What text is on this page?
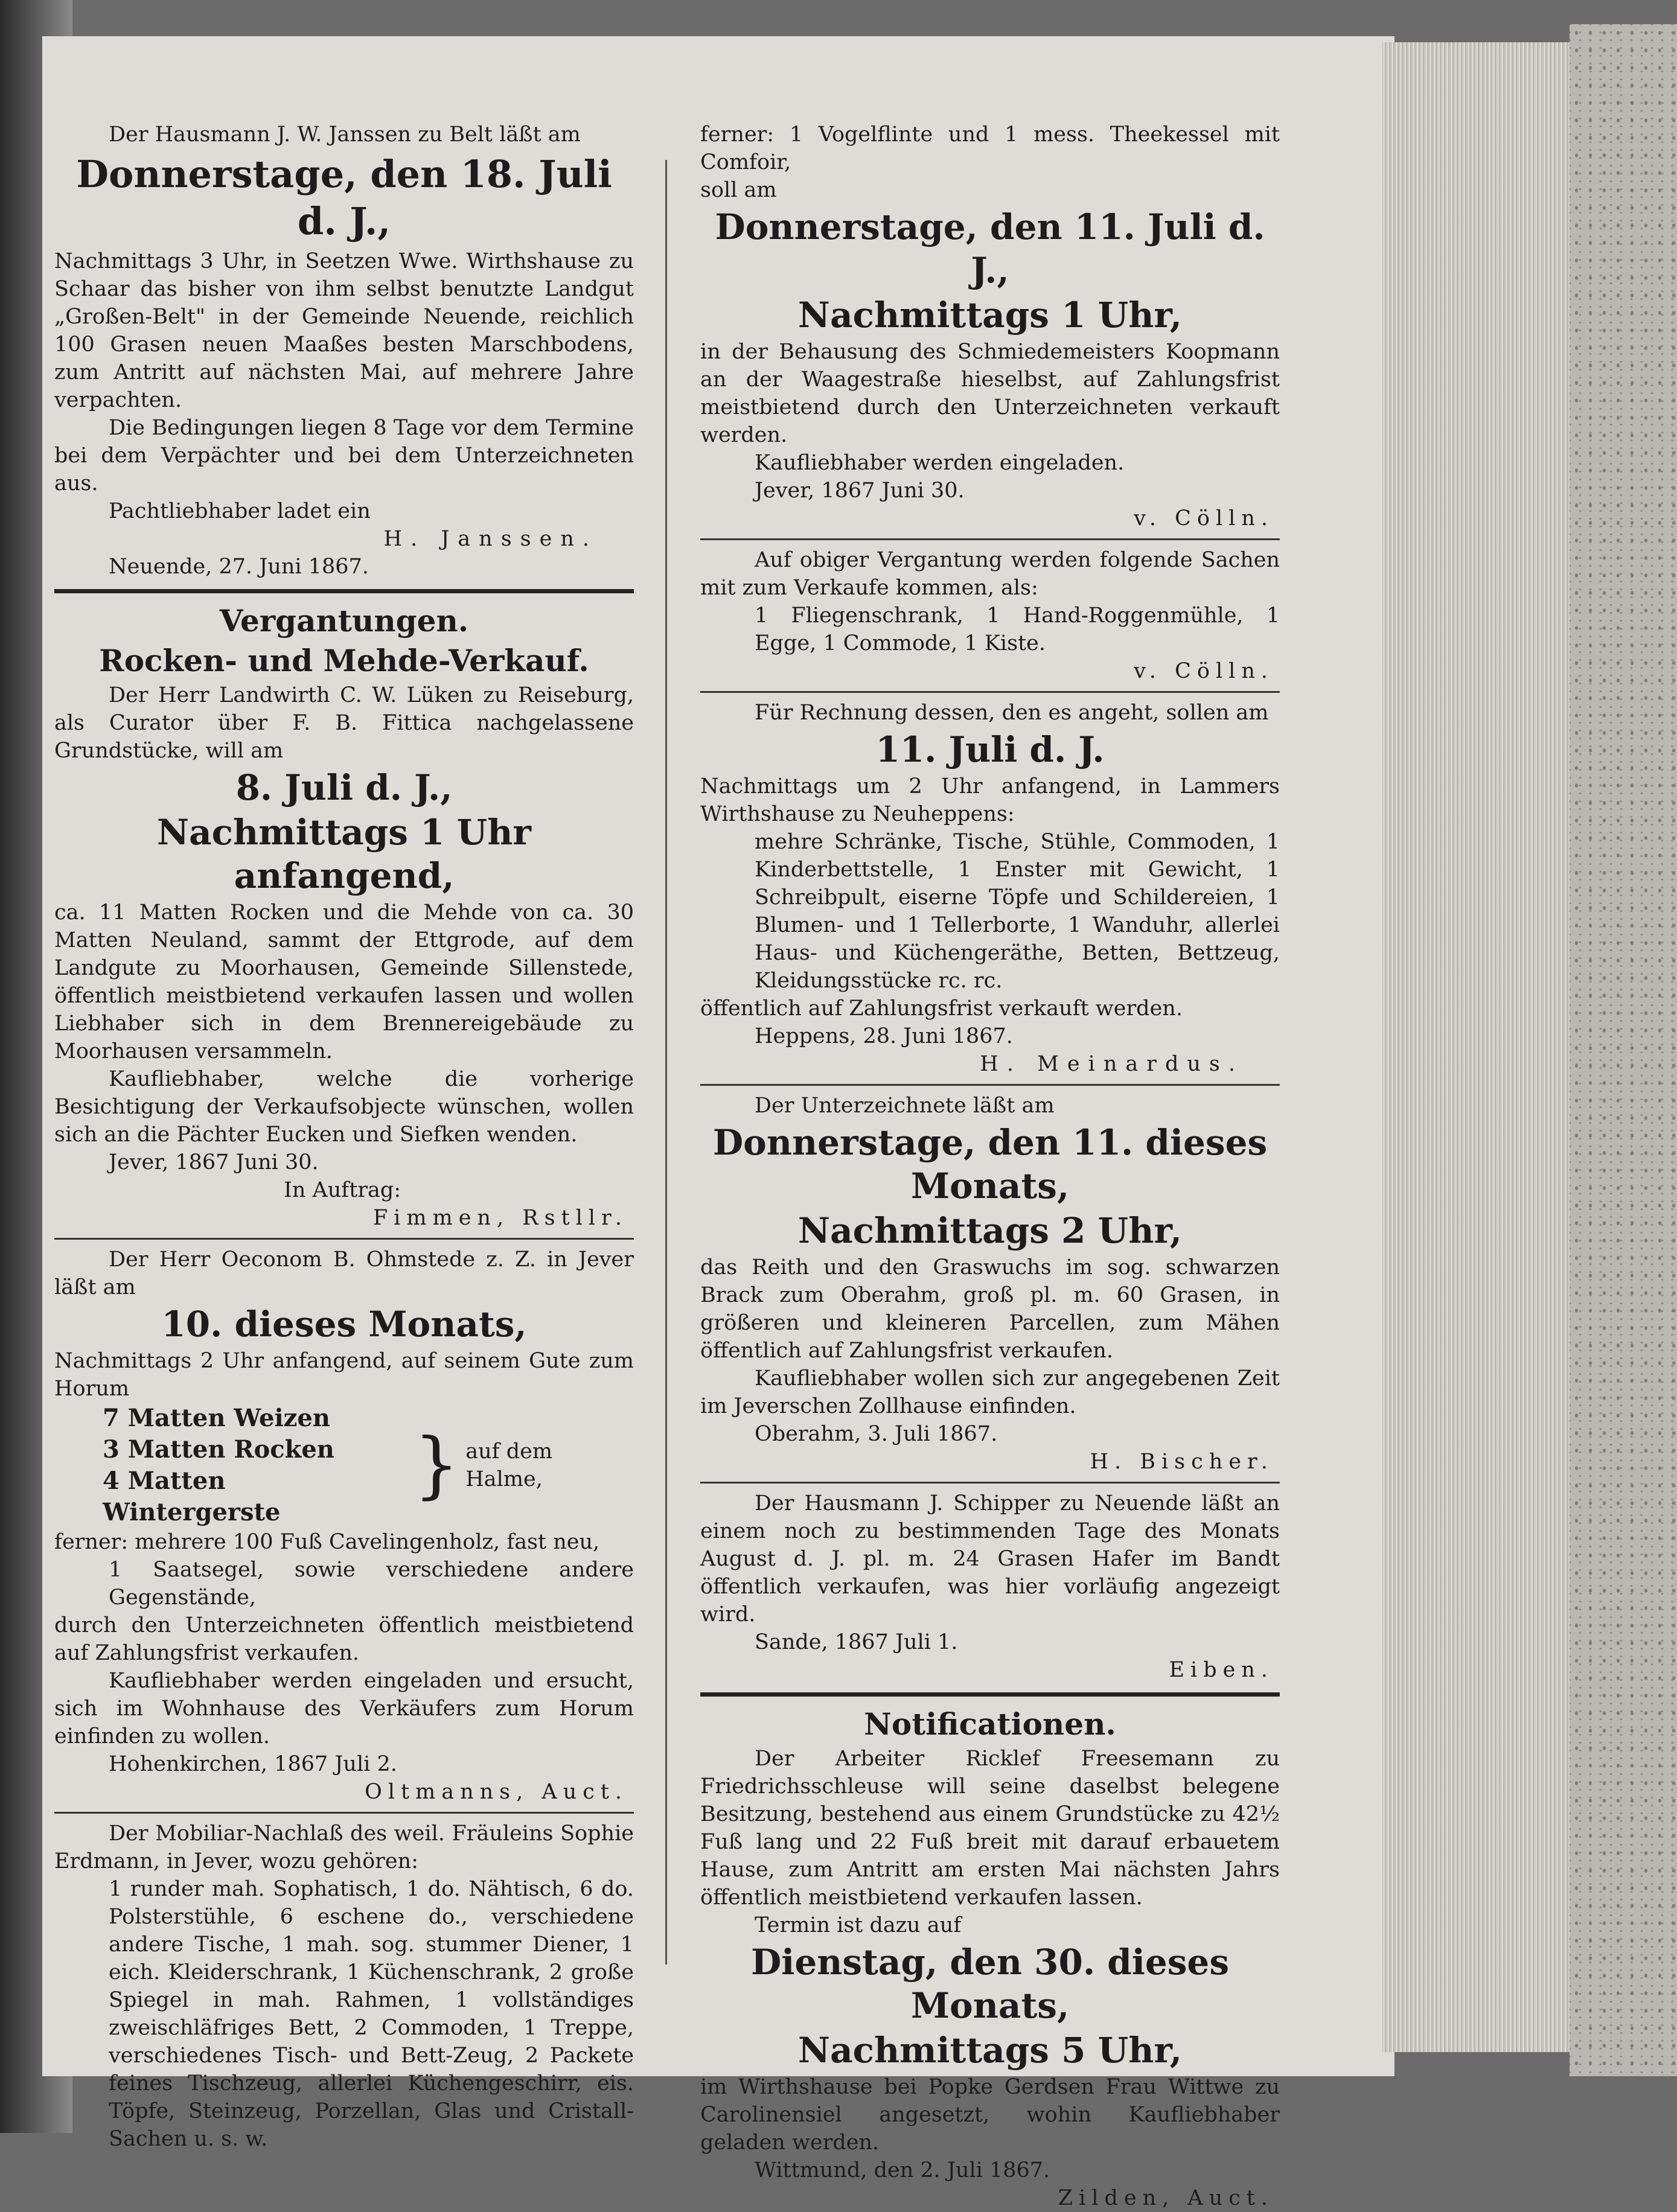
Der Hausmann J. W. Janssen zu Belt läßt am

Donnerstage, den 18. Juli d. J.,

Nachmittags 3 Uhr, in Seetzen Wwe. Wirthshause zu Schaar das bisher von ihm selbst benutzte Landgut „Großen-Belt" in der Gemeinde Neuende, reichlich 100 Grasen neuen Maaßes besten Marschbodens, zum Antritt auf nächsten Mai, auf mehrere Jahre verpachten.

Die Bedingungen liegen 8 Tage vor dem Termine bei dem Verpächter und bei dem Unterzeichneten aus.

Pachtliebhaber ladet ein

H. Janssen.

Neuende, 27. Juni 1867.

Vergantungen.
Rocken- und Mehde-Verkauf.

Der Herr Landwirth C. W. Lüken zu Reiseburg, als Curator über F. B. Fittica nachgelassene Grundstücke, will am

8. Juli d. J.,
Nachmittags 1 Uhr anfangend,

ca. 11 Matten Rocken und die Mehde von ca. 30 Matten Neuland, sammt der Ettgrode, auf dem Landgute zu Moorhausen, Gemeinde Sillenstede, öffentlich meistbietend verkaufen lassen und wollen Liebhaber sich in dem Brennereigebäude zu Moorhausen versammeln.

Kaufliebhaber, welche die vorherige Besichtigung der Verkaufsobjecte wünschen, wollen sich an die Pächter Eucken und Siefken wenden.

Jever, 1867 Juni 30.

In Auftrag:

Fimmen, Rstllr.

Der Herr Oeconom B. Ohmstede z. Z. in Jever läßt am

10. dieses Monats,

Nachmittags 2 Uhr anfangend, auf seinem Gute zum Horum

7 Matten Weizen
3 Matten Rocken
4 Matten Wintergerste
} auf dem Halme,

ferner: mehrere 100 Fuß Cavelingenholz, fast neu,

1 Saatsegel, sowie verschiedene andere Gegenstände,

durch den Unterzeichneten öffentlich meistbietend auf Zahlungsfrist verkaufen.

Kaufliebhaber werden eingeladen und ersucht, sich im Wohnhause des Verkäufers zum Horum einfinden zu wollen.

Hohenkirchen, 1867 Juli 2.

Oltmanns, Auct.

Der Mobiliar-Nachlaß des weil. Fräuleins Sophie Erdmann, in Jever, wozu gehören:

1 runder mah. Sophatisch, 1 do. Nähtisch, 6 do. Polsterstühle, 6 eschene do., verschiedene andere Tische, 1 mah. sog. stummer Diener, 1 eich. Kleiderschrank, 1 Küchenschrank, 2 große Spiegel in mah. Rahmen, 1 vollständiges zweischläfriges Bett, 2 Commoden, 1 Treppe, verschiedenes Tisch- und Bett-Zeug, 2 Packete feines Tischzeug, allerlei Küchengeschirr, eis. Töpfe, Steinzeug, Porzellan, Glas und Cristall-Sachen u. s. w.

ferner: 1 Vogelflinte und 1 mess. Theekessel mit Comfoir,

soll am

Donnerstage, den 11. Juli d. J.,
Nachmittags 1 Uhr,

in der Behausung des Schmiedemeisters Koopmann an der Waagestraße hieselbst, auf Zahlungsfrist meistbietend durch den Unterzeichneten verkauft werden.

Kaufliebhaber werden eingeladen.

Jever, 1867 Juni 30.

v. Cölln.

Auf obiger Vergantung werden folgende Sachen mit zum Verkaufe kommen, als:

1 Fliegenschrank, 1 Hand-Roggenmühle, 1 Egge, 1 Commode, 1 Kiste.

v. Cölln.

Für Rechnung dessen, den es angeht, sollen am

11. Juli d. J.

Nachmittags um 2 Uhr anfangend, in Lammers Wirthshause zu Neuheppens:

mehre Schränke, Tische, Stühle, Commoden, 1 Kinderbettstelle, 1 Enster mit Gewicht, 1 Schreibpult, eiserne Töpfe und Schildereien, 1 Blumen- und 1 Tellerborte, 1 Wanduhr, allerlei Haus- und Küchengeräthe, Betten, Bettzeug, Kleidungsstücke rc. rc.

öffentlich auf Zahlungsfrist verkauft werden.

Heppens, 28. Juni 1867.

H. Meinardus.

Der Unterzeichnete läßt am

Donnerstage, den 11. dieses Monats,
Nachmittags 2 Uhr,

das Reith und den Graswuchs im sog. schwarzen Brack zum Oberahm, groß pl. m. 60 Grasen, in größeren und kleineren Parcellen, zum Mähen öffentlich auf Zahlungsfrist verkaufen.

Kaufliebhaber wollen sich zur angegebenen Zeit im Jeverschen Zollhause einfinden.

Oberahm, 3. Juli 1867.

H. Bischer.

Der Hausmann J. Schipper zu Neuende läßt an einem noch zu bestimmenden Tage des Monats August d. J. pl. m. 24 Grasen Hafer im Bandt öffentlich verkaufen, was hier vorläufig angezeigt wird.

Sande, 1867 Juli 1.

Eiben.

Notificationen.

Der Arbeiter Ricklef Freesemann zu Friedrichsschleuse will seine daselbst belegene Besitzung, bestehend aus einem Grundstücke zu 42½ Fuß lang und 22 Fuß breit mit darauf erbauetem Hause, zum Antritt am ersten Mai nächsten Jahrs öffentlich meistbietend verkaufen lassen.

Termin ist dazu auf

Dienstag, den 30. dieses Monats,
Nachmittags 5 Uhr,

im Wirthshause bei Popke Gerdsen Frau Wittwe zu Carolinensiel angesetzt, wohin Kaufliebhaber geladen werden.

Wittmund, den 2. Juli 1867.

Zilden, Auct.
